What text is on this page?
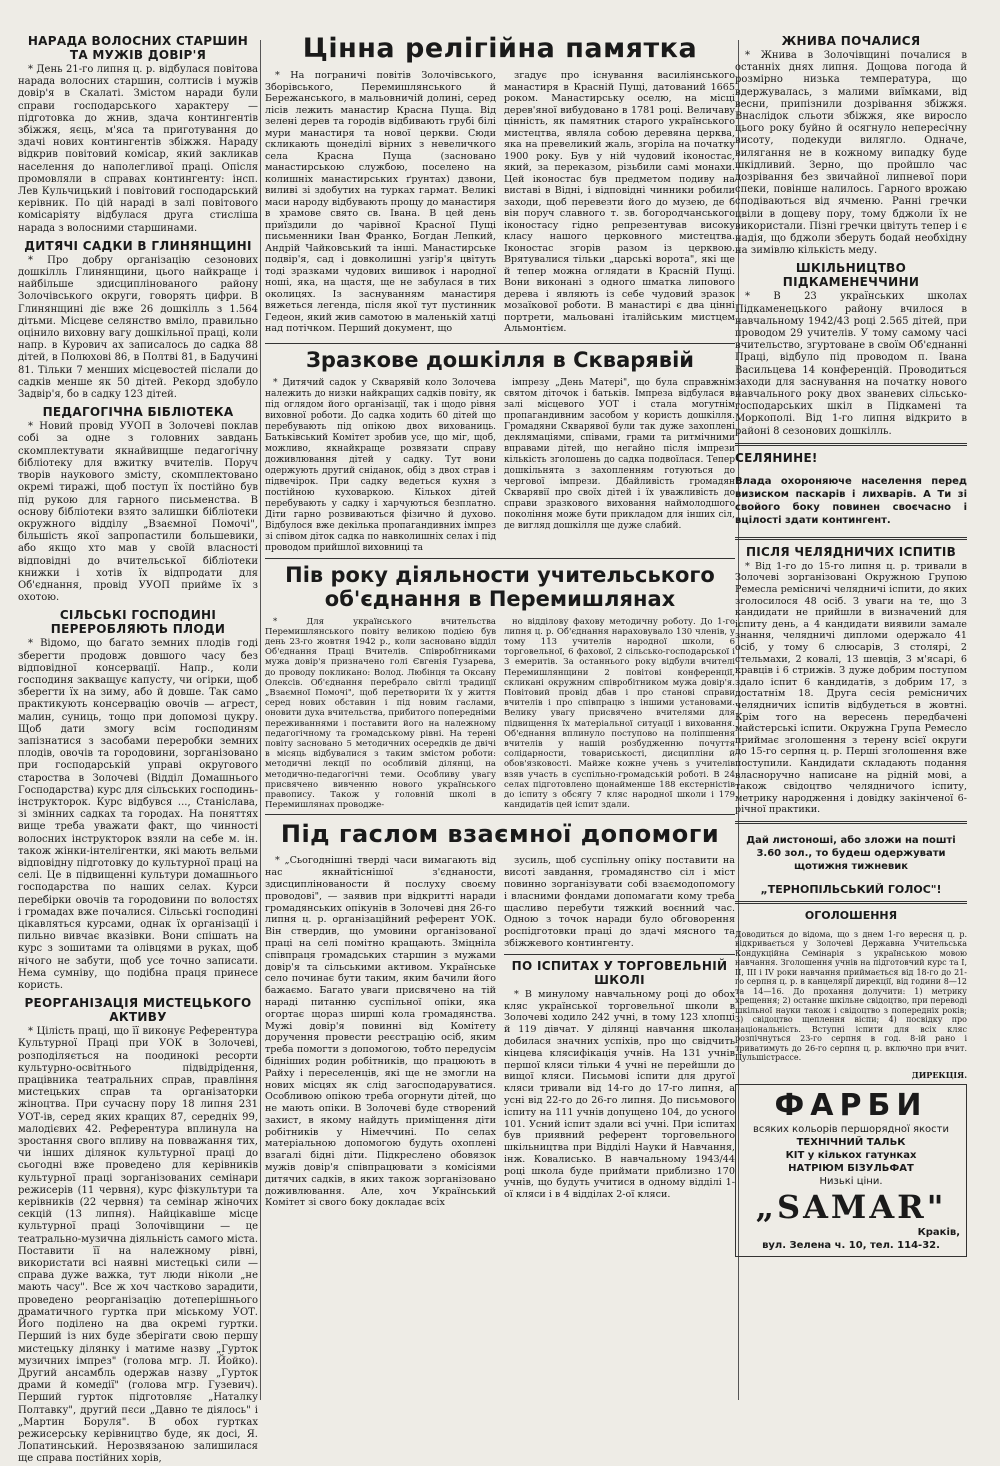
НАРАДА ВОЛОСНИХ СТАРШИН ТА МУЖІВ ДОВІР'Я

* День 21-го липня ц. р. відбулася повітова нарада волосних старшин, солтисів і мужів довір'я в Скалаті. Змістом наради були справи господарського характеру — підготовка до жнив, здача контингентів збіжжя, яєць, м'яса та приготування до здачі нових контингентів збіжжя. Нараду відкрив повітовий комісар, який закликав населення до наполегливої праці. Опісля промовляли в справах контингенту: інсп. Лев Кульчицький і повітовий господарський керівник. По цій нараді в залі повітового комісаріяту відбулася друга стисліша нарада з волосними старшинами.

ДИТЯЧІ САДКИ В ГЛИНЯНЩИНІ

* Про добру організацію сезонових дошкілль Глинянщини, цього найкраще і найбільше здисциплінованого району Золочівського округи, говорять цифри. В Глинянщині діє вже 26 дошкілль з 1.564 дітьми. Місцеве селянство вміло, правильно оцінило виховну вагу дошкільної праці, коли напр. в Курович ах записалось до садка 88 дітей, в Полюхові 86, в Полтві 81, в Бадучині 81. Тільки 7 менших місцевостей післали до садків менше як 50 дітей. Рекорд здобуло Задвір'я, бо в садку 123 дітей.

ПЕДАГОГІЧНА БІБЛІОТЕКА

* Новий провід УУОП в Золочеві поклав собі за одне з головних завдань скомплектувати якнайвищше педагогічну бібліотеку для вжитку вчителів. Поруч творів наукового змісту, скомплектовано окремі тиражі, щоб поступ їх постійно був під рукою для гарного письменства. В основу бібліотеки взято залишки бібліотеки окружного відділу „Взаємної Помочі", більшість якої запропастили большевики, або якщо хто мав у своїй власності відповідні до вчительської бібліотеки книжки і хотів їх відпродати для Об'єднання, провід УУОП прийме їх з охотою.

СІЛЬСЬКІ ГОСПОДИНІ ПЕРЕРОБЛЯЮТЬ ПЛОДИ

* Відомо, що багато земних плодів годі зберегти продовж довшого часу без відповідної консервації. Напр., коли господиня закващує капусту, чи огірки, щоб зберегти їх на зиму, або й довше. Так само практикують консервацію овочів — агрест, малин, суниць, тощо при допомозі цукру. Щоб дати змогу всім господиням запізнатися з засобами переробки земних плодів, овочів та городовини, зорганізовано при господарській управі округового староства в Золочеві (Відділ Домашнього Господарства) курс для сільських господинь-інструкторок. Курс відбувся ..., Станіслава, зі змінних садках та городах. На поняттях вище треба уважати факт, що чинності волосних інструкторок взяли на себе м. ін. також жінки-інтелігентки, які мають вельми відповідну підготовку до культурної праці на селі. Це в підвищенні культури домашнього господарства по наших селах. Курси перебірки овочів та городовини по волостях і громадах вже почалися. Сільські господині цікавляться курсами, однак їх організації і пильно вивчає вказівки. Вони спішать на курс з зошитами та олівцями в руках, щоб нічого не забути, щоб усе точно записати. Нема сумніву, що подібна праця принесе користь.

РЕОРГАНІЗАЦІЯ МИСТЕЦЬКОГО АКТИВУ

* Цілість праці, що її виконує Референтура Культурної Праці при УОК в Золочеві, розподіляється на поодинокі ресорти культурно-освітнього підвідрідення, працівника театральних справ, правління мистецьких справ та організаторки жіноцтва. При сучасну пору 18 липня 231 УОТ-ів, серед яких кращих 87, середніх 99, малодієвих 42. Референтура вплинула на зростання свого впливу на повважання тих, чи інших ділянок культурної праці до сьогодні вже проведено для керівників культурної праці зорганізованих семінари режисерів (11 червня), курс фізкультури та керівників (22 червня) та семінар жіночих секцій (13 липня). Найцікавіше місце культурної праці Золочівщини — це театрально-музична діяльність самого міста. Поставити її на належному рівні, використати всі наявні мистецькі сили — справа дуже важка, тут люди ніколи „не мають часу". Все ж хоч частково зарадити, проведено реорганізацію дотеперішнього драматичного гуртка при міському УОТ. Його поділено на два окремі гуртки. Перший із них буде зберігати свою першу мистецьку ділянку і матиме назву „Гурток музичних імпрез" (голова мгр. Л. Йойко). Другий ансамбль одержав назву „Гурток драми й комедії" (голова мгр. Гузевич). Перший гурток підготовляє „Наталку Полтавку", другий пєси „Давно те діялось" і „Мартин Боруля". В обох гуртках режисерську керівництво буде, як досі, Я. Лопатинський. Нерозвязаною залишилася ще справа постійних хорів,

Цінна релігійна памятка

* На пограничі повітів Золочівського, Зборівського, Перемишлянського й Бережанського, в мальовничій долині, серед лісів лежить манастир Красна Пуща. Від зелені дерев та городів відбивають грубі білі мури манастиря та нової церкви. Сюди скликають щонеділі вірних з невеличкого села Красна Пуща (засновано манастирською службою, поселено на колишніх манастирських ґрунтах) дзвони, виливі зі здобутих на турках гармат. Великі маси народу відбувають прощу до манастиря в храмове свято св. Івана. В цей день приїздили до чарівної Красної Пущі письменники Іван Франко, Богдан Лепкий, Андрій Чайковський та інші. Манастирське подвір'я, сад і довколишні узгір'я цвітуть тоді зразками чудових вишивок і народної ноші, яка, на щастя, ще не забулася в тих околицях. Із заснуванням манастиря вяжеться легенда, після якої тут пустинник Гедеон, який жив самотою в маленькій хатці над потічком. Перший документ, що

згадує про існування василіянського манастиря в Красній Пущі, датований 1665 роком. Манастирську оселю, на місці дерев'яної вибудовано в 1781 році. Величаву цінність, як памятник старого українського мистецтва, являла собою деревяна церква, яка на превеликий жаль, згоріла на початку 1900 року. Був у ній чудовий іконостас, який, за переказом, різьбили самі монахи. Цей іконостас був предметом подиву на виставі в Відні, і відповідні чинники робили заходи, щоб перевезти його до музею, де б він поруч славного т. зв. богородчанського іконостасу гідно репрезентував високу класу нашого церковного мистецтва. Іконостас згорів разом із церквою. Врятувалися тільки „царські ворота", які ще й тепер можна оглядати в Красній Пущі. Вони виконані з одного шматка липового дерева і являють із себе чудовий зразок мозаїкової роботи. В манастирі є два цінні портрети, мальовані італійським мистцем Альмонтієм.

Зразкове дошкілля в Скварявій

* Дитячий садок у Скварявій коло Золочева належить до низки найкращих садків повіту, як під оглядом його організації, так і щодо рівня виховної роботи. До садка ходить 60 дітей що перебувають під опікою двох вихованиць. Батьківський Комітет зробив усе, що міг, щоб, можливо, якнайкраще розвязати справу доживлювання дітей у садку. Тут вони одержують другий сніданок, обід з двох страв і підвечірок. При садку ведеться кухня з постійною куховаркою. Кількох дітей перебувають у садку і харчуються безплатно. Діти гарно розвиваються фізично й духово. Відбулося вже декілька пропагандивних імпрез зі співом діток садка по навколишніх селах і під проводом прийшлої виховниці та

імпрезу „День Матері", що була справжнім святом діточок і батьків. Імпреза відбулася в залі місцевого УОТ і стала могутнім пропагандивним засобом у користь дошкілля. Громадяни Скварявої були так дуже захоплені деклямаціями, співами, грами та ритмічними вправами дітей, що негайно після імпрези кількість зголошень до садка подвоїлася. Тепер дошкільнята з захопленням готуються до чергової імпрези. Дбайливість громадян Скварявії про своїх дітей і їх уважливість до справи зразкового виховання наймолодшого покоління може бути прикладом для інших сіл, де вигляд дошкілля ще дуже слабий.

Пів року діяльности учительського об'єднання в Перемишлянах

* Для українського вчительства Перемишлянського повіту великою подією був день 23-го жовтня 1942 р., коли засновано відділ Об'єднання Праці Вчителів. Співробітниками мужа довір'я призначено голі Євгенія Гузарева, до проводу покликано: Волод. Любінця та Оксану Олексів. Об'єднання перебрало світлі традиції „Взаємної Помочі", щоб перетворити їх у життя серед нових обставин і під новим гаслами, оновити духа вчительства, прибитого попередніми переживаннями і поставити його на належному педагогічному та громадському рівні. На терені повіту засновано 5 методичних осередків де двічі в місяць відбувалися з таким змістом роботи: методичні лекції по особливій ділянці, на методично-педагогічні теми. Особливу увагу присвячено вивченню нового українського правопису. Також у головній школі в Перемишлянах проводже-

но відділову фахову методичну роботу. До 1-го липня ц. р. Об'єднання нараховувало 130 членів, у тому 113 учителів народної школи, 6 торговельної, 6 фахової, 2 сільсько-господарської і 3 емеритів. За останнього року відбули вчителі Перемишлянщини 2 повітові конференції, скликані окружним співробітником мужа довір'я. Повітовий провід дбав і про станові справи вчителів і про співпрацю з іншими установами. Велику увагу присвячено вчителями для підвищення їх матеріальної ситуації і виховання. Об'єднання вплинуло поступово на поліпшення вчителів у нашій розбудженню почуття солідарности, товариськості, дисципліни й обов'язковості. Майже кожне учень з учителів взяв участь в суспільно-громадській роботі. В 24 селах підготовлено щонайменше 188 екстерністів до іспиту з обсягу 7 кляс народної школи і 179 кандидатів цей іспит здали.

Під гаслом взаємної допомоги

* „Сьогоднішні тверді часи вимагають від нас якнайтіснішої з'єднаности, здисциплінованости й послуху своєму проводові", — заявив при відкритті наради громадянських опікунів в Золочеві дня 26-го липня ц. р. організаційний референт УОК. Він ствердив, що умовини організованої праці на селі помітно кращають. Зміцніла співпраця громадських старшин з мужами довір'я та сільськими активом. Українське село починає бути таким, яким бачили його бажаємо. Багато уваги присвячено на тій нараді питанню суспільної опіки, яка огортає щораз ширші кола громадянства. Мужі довір'я повинні від Комітету доручення провести реєстрацію осіб, яким треба помогти з допомогою, тобто передусім бідніших родин робітників, що працюють в Райху і переселенців, які ще не змогли на нових місцях як слід загосподаруватися. Особливою опікою треба огорнути дітей, що не мають опіки. В Золочеві буде створений захист, в якому найдуть приміщення діти робітників у Німеччині. По селах матеріальною допомогою будуть охоплені взагалі бідні діти. Підкреслено обовязок мужів довір'я співпрацювати з комісіями дитячих садків, в яких також зорганізовано доживлювання. Але, хоч Український Комітет зі свого боку докладає всіх

зусиль, щоб суспільну опіку поставити на висоті завдання, громадянство сіл і міст повинно зорганізувати собі взаємодопомогу і власними фондами допомагати кому треба щасливо перебути тяжкий воєнний час. Одною з точок наради було обговорення роспідготовки праці до здачі мясного та збіжжевого контингенту.

ПО ІСПИТАХ У ТОРГОВЕЛЬНІЙ ШКОЛІ

* В минулому навчальному році до обох кляс української торговельної школи в Золочеві ходило 242 учні, в тому 123 хлопці й 119 дівчат. У ділянці навчання школа добилася значних успіхів, про що свідчить кінцева кляcифікація учнів. На 131 учнів першої кляси тільки 4 учні не перейшли до вищої кляси. Письмові іспити для другої кляси тривали від 14-го до 17-го липня, а усні від 22-го до 26-го липня. До письмового іспиту на 111 учнів допущено 104, до усного 101. Усний іспит здали всі учні. При іспитах був приявний референт торговельного шкільництва при Відділі Науки й Навчання, інж. Ковалисько. В навчальному 1943/44 році школа буде приймати приблизно 170 учнів, що будуть учитися в одному відділі 1-ої кляси і в 4 відділах 2-ої кляси.

ЖНИВА ПОЧАЛИСЯ

* Жнива в Золочівщині почалися в останніх днях липня. Дощова погода й розмірно низька температура, що вдержувалась, з малими виїмками, від весни, припізнили дозрівання збіжжя. Внаслідок сльоти збіжжя, яке виросло цього року буйно й осягнуло непересічну висоту, подекуди вилягло. Одначе, вилягання не в кожному випадку буде шкідливий. Зерно, що пройшло час дозрівання без звичайної липневої пори спеки, повінше налилось. Гарного врожаю сподіваються від ячменю. Ранні гречки цвіли в дощеву пору, тому бджоли їх не використали. Пізні гречки цвітуть тепер і є надія, що бджоли зберуть бодай необхідну на зимівлю кількість меду.

ШКІЛЬНИЦТВО ПІДКАМЕНЕЧЧИНИ

* В 23 українських школах Підкаменецького району вчилося в навчальному 1942/43 році 2.565 дітей, при проводом 29 учителів. У тому самому часі вчительство, згуртоване в своїм Об'єднанні Праці, відбуло під проводом п. Івана Васильцева 14 конференцій. Проводиться заходи для заснування на початку нового навчального року двох званевих сільсько-господарських шкіл в Підкамені та Моркополі. Від 1-го липня відкрито в районі 8 сезонових дошкілль.

СЕЛЯНИНЕ!

Влада охороняюче населення перед визиском паскарів і лихварів. А Ти зі свойого боку повинен своєчасно і вцілості здати контингент.

ПІСЛЯ ЧЕЛЯДНИЧИХ ІСПИТІВ

* Від 1-го до 15-го липня ц. р. тривали в Золочеві зорганізовані Окружною Групою Ремесла ремісничі челядничі іспити, до яких зголосилося 48 осіб. З уваги на те, що 3 кандидати не прийшли в визначений для іспиту день, а 4 кандидати виявили замале знання, челядничі дипломи одержало 41 осіб, у тому 6 слюсарів, 3 столярі, 2 стельмахи, 2 ковалі, 13 шевців, 3 м'ясарі, 6 кравців і 6 стрижів. З дуже добрим поступом здало іспит 6 кандидатів, з добрим 17, з достатнім 18. Друга сесія ремісничих челядничих іспитів відбудеться в жовтні. Крім того на вересень передбачені майстерські іспити. Окружна Група Ремесло приймає зголошення з терену всієї округи до 15-го серпня ц. р. Першi зголошення вже поступили. Кандидати складають подання власноручно написане на рідній мові, а також свідоцтво челядничого іспиту, метрику народження і довідку закінченої 6-річної практики.

Дай листоноші, або зложи на пошті 3.60 зол., то будеш одержувати щотижня тижневик

„ТЕРНОПІЛЬСЬКИЙ ГОЛОС"!
ОГОЛОШЕННЯ

Доводиться до відома, що з днем 1-го вересня ц. р. відкривається у Золочеві Державна Учительська Кондукційна Семінарія з українською мовою навчання. Зголошення учнів на підготовчий курс та І, ІІ, ІІІ і ІV роки навчання приймається від 18-го до 21-го серпня ц. р. в канцелярії дирекції, від години 8—12 та 14—16. До прохання долучити: 1) метрику хрещення; 2) останнє шкільне свідоцтво, при переводі шкільної науки також і свідоцтво з попередніх років; 3) свідоцтво щеплення віспи; 4) посвідку про національність. Вступні іспити для всіх кляс розпічнуться 23-го серпня в год. 8-ій рано і триватимуть до 26-го серпня ц. р. включно при вчит. Цульшістрассе.

ДИРЕКЦІЯ.
ФАРБИ
всяких кольорів першорядної якости
ТЕХНІЧНИЙ ТАЛЬК
КІТ у кількох гатунках
НАТРІЮМ БІЗУЛЬФАТ
Низькі ціни.
„SAMAR"
Краків,
вул. Зелена ч. 10, тел. 114-32.
